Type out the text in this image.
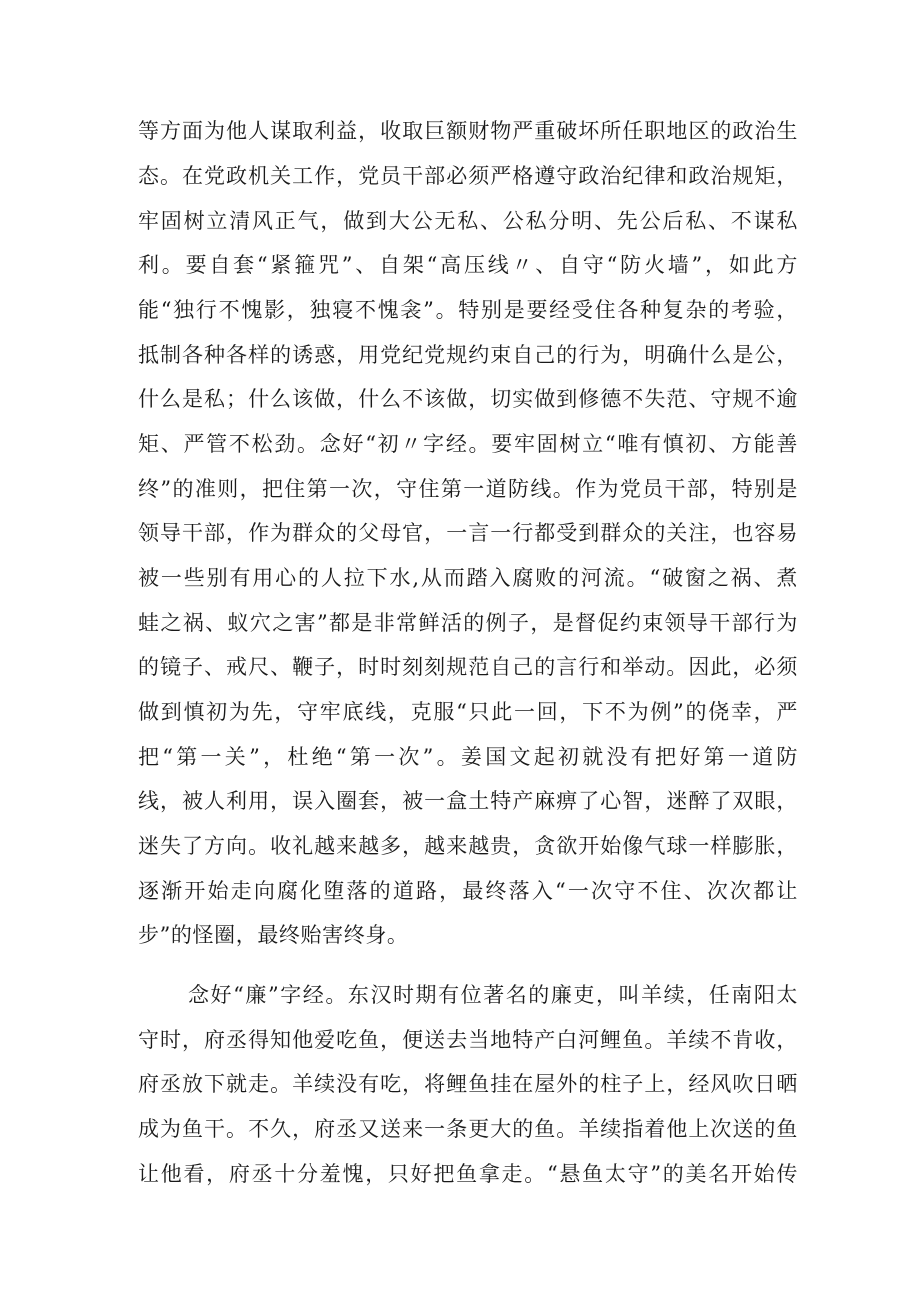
等方面为他人谋取利益，收取巨额财物严重破坏所任职地区的政治生
态。在党政机关工作，党员干部必须严格遵守政治纪律和政治规矩，
牢固树立清风正气，做到大公无私、公私分明、先公后私、不谋私
利。要自套“紧箍咒”、自架“高压线〃、自守“防火墙”，如此方
能“独行不愧影，独寝不愧衾”。特别是要经受住各种复杂的考验，
抵制各种各样的诱惑，用党纪党规约束自己的行为，明确什么是公，
什么是私；什么该做，什么不该做，切实做到修德不失范、守规不逾
矩、严管不松劲。念好“初〃字经。要牢固树立“唯有慎初、方能善
终”的准则，把住第一次，守住第一道防线。作为党员干部，特别是
领导干部，作为群众的父母官，一言一行都受到群众的关注，也容易
被一些别有用心的人拉下水,从而踏入腐败的河流。“破窗之祸、煮
蛙之祸、蚁穴之害”都是非常鲜活的例子，是督促约束领导干部行为
的镜子、戒尺、鞭子，时时刻刻规范自己的言行和举动。因此，必须
做到慎初为先，守牢底线，克服“只此一回，下不为例”的侥幸，严
把“第一关”，杜绝“第一次”。姜国文起初就没有把好第一道防
线，被人利用，误入圈套，被一盒土特产麻痹了心智，迷醉了双眼，
迷失了方向。收礼越来越多，越来越贵，贪欲开始像气球一样膨胀，
逐渐开始走向腐化堕落的道路，最终落入“一次守不住、次次都让
步”的怪圈，最终贻害终身。
念好“廉”字经。东汉时期有位著名的廉吏，叫羊续，任南阳太
守时，府丞得知他爱吃鱼，便送去当地特产白河鲤鱼。羊续不肯收，
府丞放下就走。羊续没有吃，将鲤鱼挂在屋外的柱子上，经风吹日晒
成为鱼干。不久，府丞又送来一条更大的鱼。羊续指着他上次送的鱼
让他看，府丞十分羞愧，只好把鱼拿走。“悬鱼太守”的美名开始传
